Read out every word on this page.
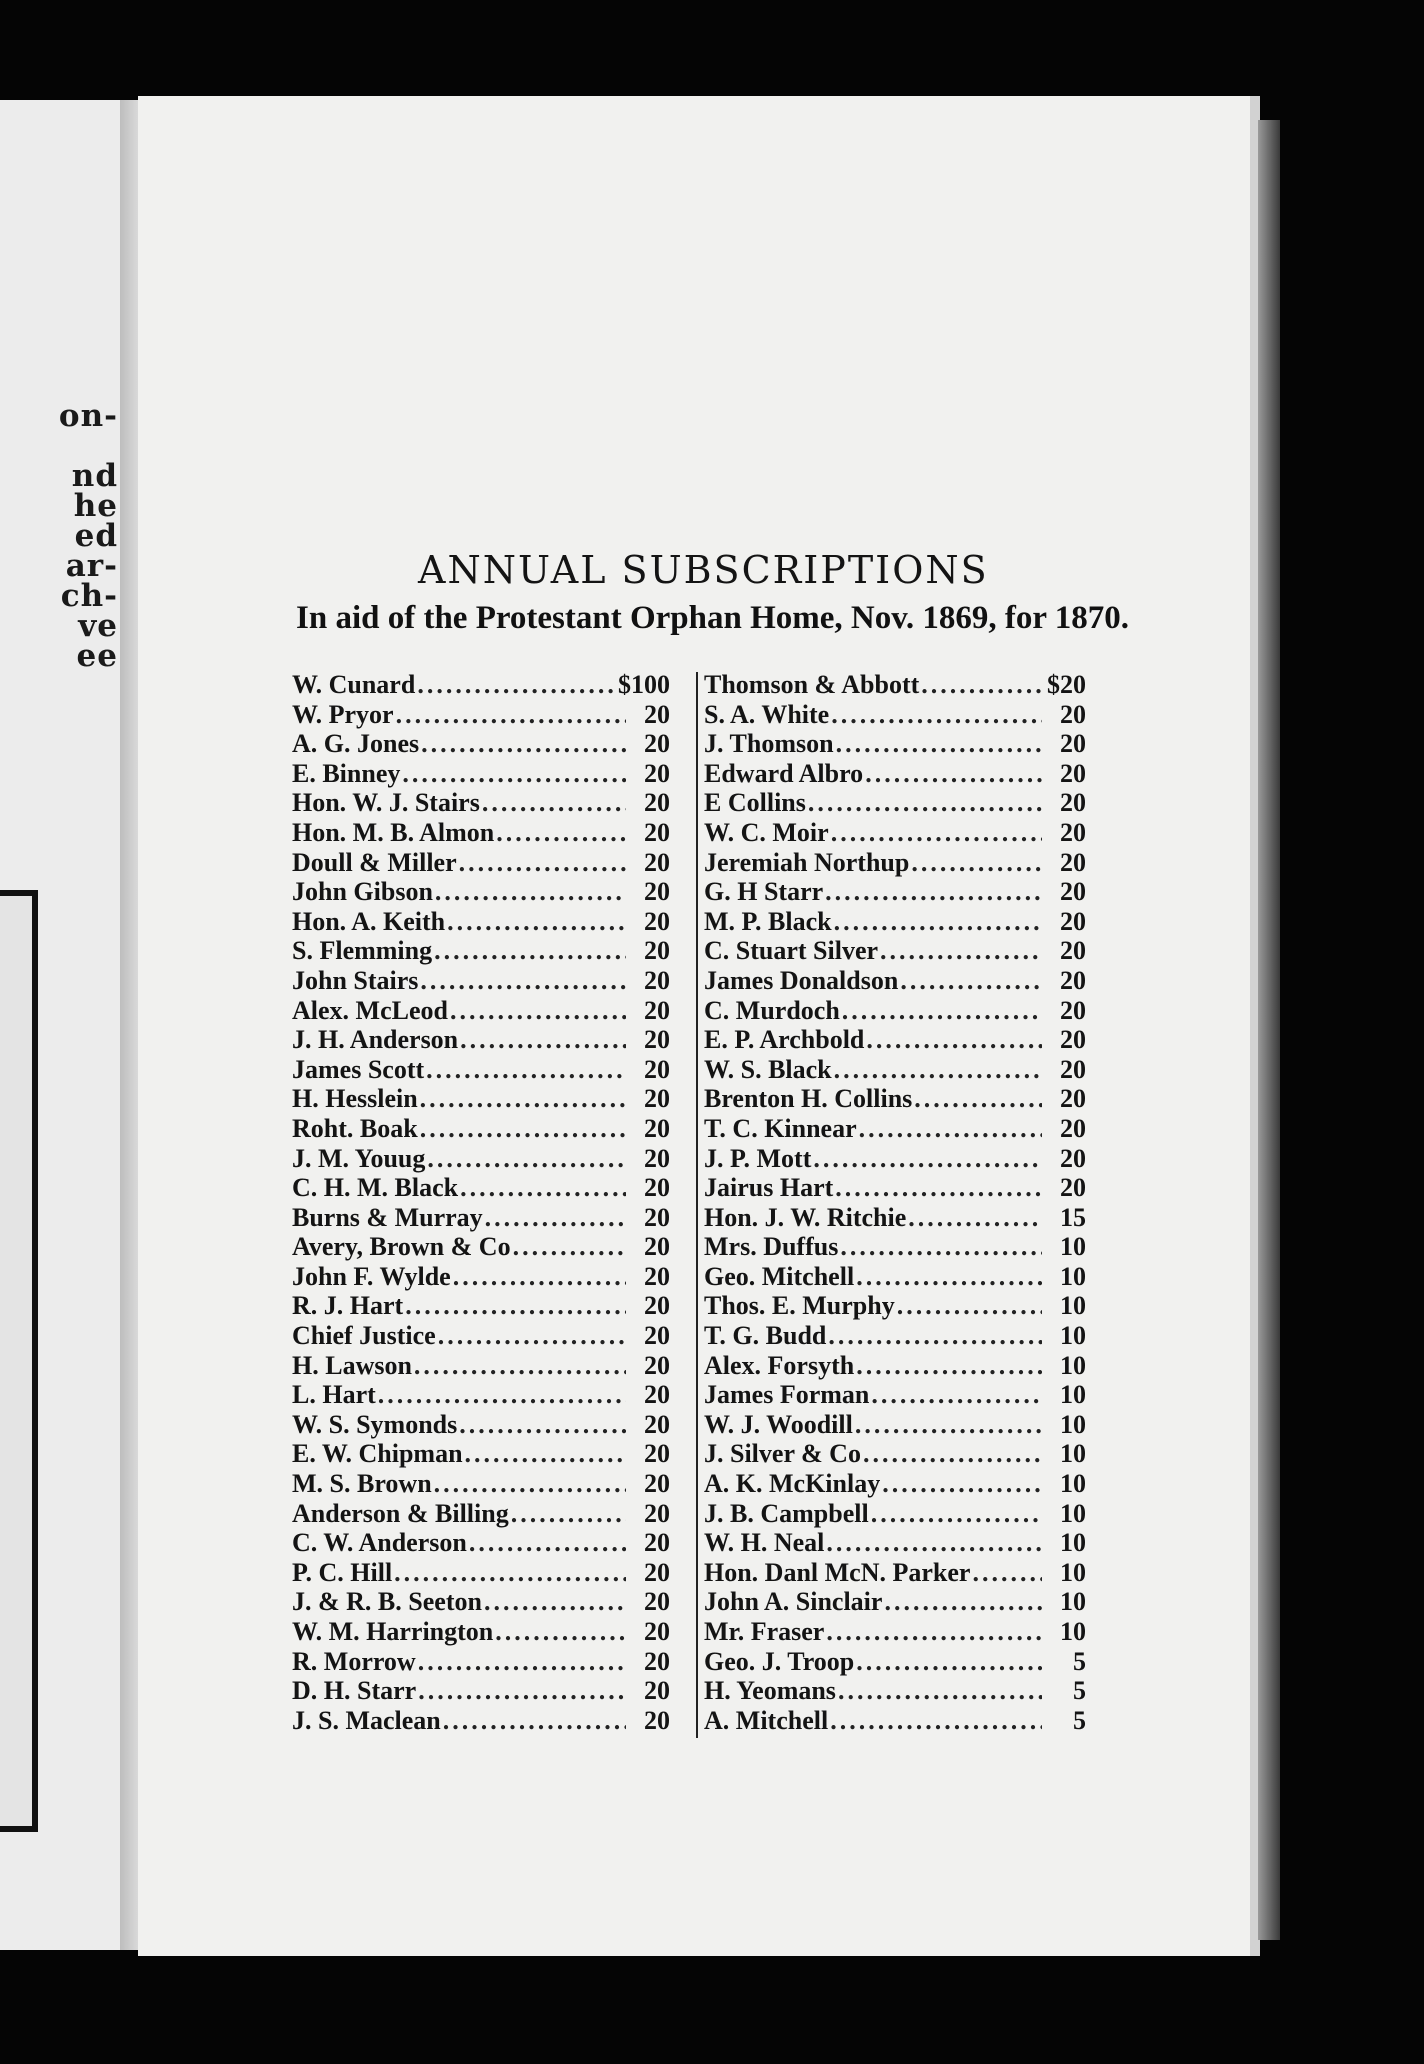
on-
nd
he
ed
ar-
ch-
ve
ee
ANNUAL SUBSCRIPTIONS
In aid of the Protestant Orphan Home, Nov. 1869, for 1870.
W. Cunard .....	$100
W. Pryor .....	20
A. G. Jones .....	20
E. Binney .....	20
Hon. W. J. Stairs .....	20
Hon. M. B. Almon .....	20
Doull & Miller .....	20
John Gibson .....	20
Hon. A. Keith .....	20
S. Flemming .....	20
John Stairs .....	20
Alex. McLeod .....	20
J. H. Anderson .....	20
James Scott .....	20
H. Hesslein .....	20
Roht. Boak .....	20
J. M. Youug .....	20
C. H. M. Black .....	20
Burns & Murray .....	20
Avery, Brown & Co .....	20
John F. Wylde .....	20
R. J. Hart .....	20
Chief Justice .....	20
H. Lawson .....	20
L. Hart .....	20
W. S. Symonds .....	20
E. W. Chipman .....	20
M. S. Brown .....	20
Anderson & Billing .....	20
C. W. Anderson .....	20
P. C. Hill .....	20
J. & R. B. Seeton .....	20
W. M. Harrington .....	20
R. Morrow .....	20
D. H. Starr .....	20
J. S. Maclean .....	20
Thomson & Abbott .....	$20
S. A. White .....	20
J. Thomson .....	20
Edward Albro .....	20
E Collins .....	20
W. C. Moir .....	20
Jeremiah Northup .....	20
G. H Starr .....	20
M. P. Black .....	20
C. Stuart Silver .....	20
James Donaldson .....	20
C. Murdoch .....	20
E. P. Archbold .....	20
W. S. Black .....	20
Brenton H. Collins .....	20
T. C. Kinnear .....	20
J. P. Mott .....	20
Jairus Hart .....	20
Hon. J. W. Ritchie .....	15
Mrs. Duffus .....	10
Geo. Mitchell .....	10
Thos. E. Murphy .....	10
T. G. Budd .....	10
Alex. Forsyth .....	10
James Forman .....	10
W. J. Woodill .....	10
J. Silver & Co .....	10
A. K. McKinlay .....	10
J. B. Campbell .....	10
W. H. Neal .....	10
Hon. Danl McN. Parker .....	10
John A. Sinclair .....	10
Mr. Fraser .....	10
Geo. J. Troop .....	5
H. Yeomans .....	5
A. Mitchell .....	5
